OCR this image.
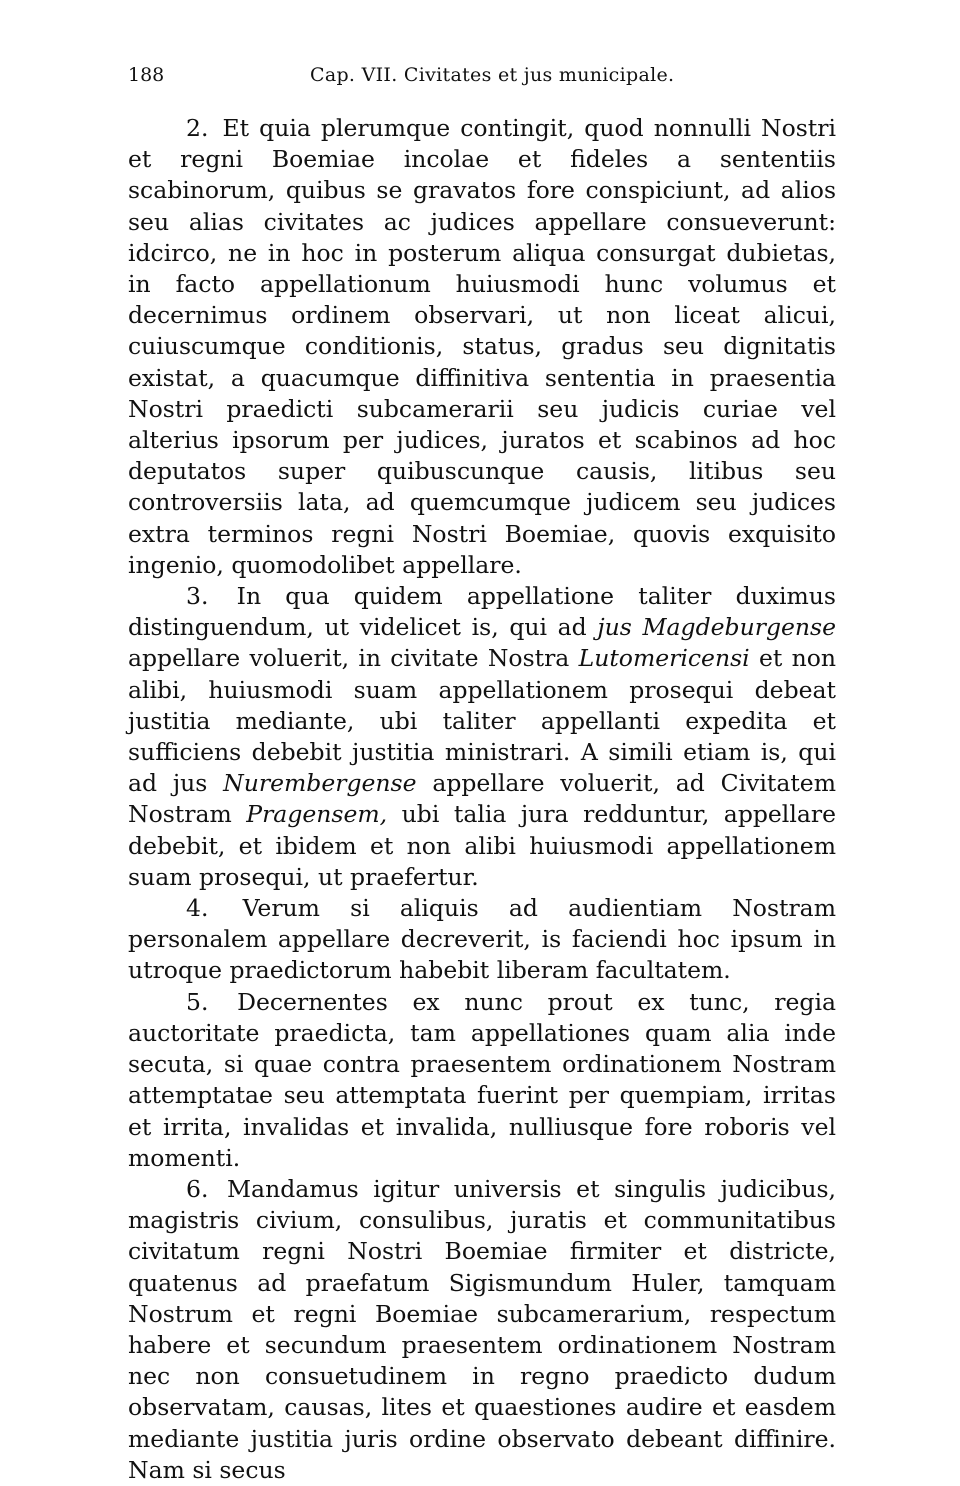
188	Cap. VII. Civitates et jus municipale.

2. Et quia plerumque contingit, quod nonnulli Nostri et regni Boemiae incolae et fideles a sententiis scabinorum, quibus se gravatos fore conspiciunt, ad alios seu alias civitates ac judices appellare consueverunt: idcirco, ne in hoc in posterum aliqua consurgat dubietas, in facto appellationum huiusmodi hunc volumus et decernimus ordinem observari, ut non liceat alicui, cuiuscumque conditionis, status, gradus seu dignitatis existat, a quacumque diffinitiva sententia in praesentia Nostri praedicti subcamerarii seu judicis curiae vel alterius ipsorum per judices, juratos et scabinos ad hoc deputatos super quibuscunque causis, litibus seu controversiis lata, ad quemcumque judicem seu judices extra terminos regni Nostri Boemiae, quovis exquisito ingenio, quomodolibet appellare.

3. In qua quidem appellatione taliter duximus distinguendum, ut videlicet is, qui ad jus Magdeburgense appellare voluerit, in civitate Nostra Lutomericensi et non alibi, huiusmodi suam appellationem prosequi debeat justitia mediante, ubi taliter appellanti expedita et sufficiens debebit justitia ministrari. A simili etiam is, qui ad jus Nurembergense appellare voluerit, ad Civitatem Nostram Pragensem, ubi talia jura redduntur, appellare debebit, et ibidem et non alibi huiusmodi appellationem suam prosequi, ut praefertur.

4. Verum si aliquis ad audientiam Nostram personalem appellare decreverit, is faciendi hoc ipsum in utroque praedictorum habebit liberam facultatem.

5. Decernentes ex nunc prout ex tunc, regia auctoritate praedicta, tam appellationes quam alia inde secuta, si quae contra praesentem ordinationem Nostram attemptatae seu attemptata fuerint per quempiam, irritas et irrita, invalidas et invalida, nulliusque fore roboris vel momenti.

6. Mandamus igitur universis et singulis judicibus, magistris civium, consulibus, juratis et communitatibus civitatum regni Nostri Boemiae firmiter et districte, quatenus ad praefatum Sigismundum Huler, tamquam Nostrum et regni Boemiae subcamerarium, respectum habere et secundum praesentem ordinationem Nostram nec non consuetudinem in regno praedicto dudum observatam, causas, lites et quaestiones audire et easdem mediante justitia juris ordine observato debeant diffinire. Nam si secus
